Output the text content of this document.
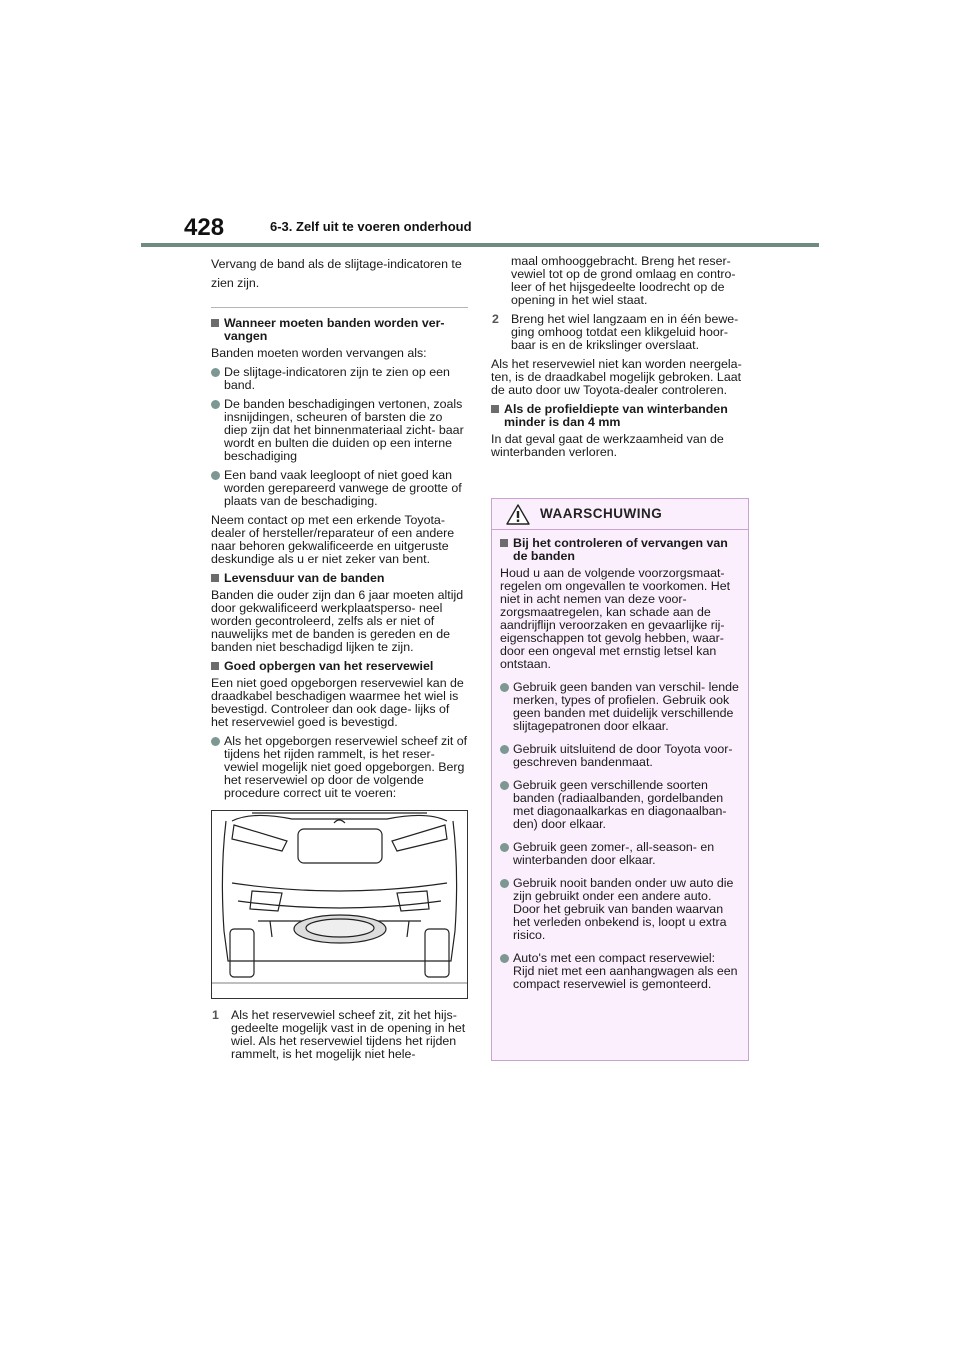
428	6-3. Zelf uit te voeren onderhoud

Vervang de band als de slijtage-indicatoren te zien zijn.

Wanneer moeten banden worden ver- vangen

Banden moeten worden vervangen als:

De slijtage-indicatoren zijn te zien op een band.
De banden beschadigingen vertonen, zoals insnijdingen, scheuren of barsten die zo diep zijn dat het binnenmateriaal zicht- baar wordt en bulten die duiden op een interne beschadiging
Een band vaak leegloopt of niet goed kan worden gerepareerd vanwege de grootte of plaats van de beschadiging.

Neem contact op met een erkende Toyota- dealer of hersteller/reparateur of een andere naar behoren gekwalificeerde en uitgeruste deskundige als u er niet zeker van bent.

Levensduur van de banden

Banden die ouder zijn dan 6 jaar moeten altijd door gekwalificeerd werkplaatsperso- neel worden gecontroleerd, zelfs als er niet of nauwelijks met de banden is gereden en de banden niet beschadigd lijken te zijn.

Goed opbergen van het reservewiel

Een niet goed opgeborgen reservewiel kan de draadkabel beschadigen waarmee het wiel is bevestigd. Controleer dan ook dage- lijks of het reservewiel goed is bevestigd.

Als het opgeborgen reservewiel scheef zit of tijdens het rijden rammelt, is het reser- vewiel mogelijk niet goed opgeborgen. Berg het reservewiel op door de volgende procedure correct uit te voeren:
1 Als het reservewiel scheef zit, zit het hijs- gedeelte mogelijk vast in de opening in het wiel. Als het reservewiel tijdens het rijden rammelt, is het mogelijk niet hele-
maal omhooggebracht. Breng het reser- vewiel tot op de grond omlaag en contro- leer of het hijsgedeelte loodrecht op de opening in het wiel staat.
2 Breng het wiel langzaam en in één bewe- ging omhoog totdat een klikgeluid hoor- baar is en de krikslinger overslaat.

Als het reservewiel niet kan worden neergela- ten, is de draadkabel mogelijk gebroken. Laat de auto door uw Toyota-dealer controleren.

Als de profieldiepte van winterbanden minder is dan 4 mm

In dat geval gaat de werkzaamheid van de winterbanden verloren.

WAARSCHUWING
Bij het controleren of vervangen van de banden

Houd u aan de volgende voorzorgsmaat- regelen om ongevallen te voorkomen. Het niet in acht nemen van deze voor- zorgsmaatregelen, kan schade aan de aandrijflijn veroorzaken en gevaarlijke rij- eigenschappen tot gevolg hebben, waar- door een ongeval met ernstig letsel kan ontstaan.

Gebruik geen banden van verschil- lende merken, types of profielen. Gebruik ook geen banden met duidelijk verschillende slijtagepatronen door elkaar.
Gebruik uitsluitend de door Toyota voor- geschreven bandenmaat.
Gebruik geen verschillende soorten banden (radiaalbanden, gordelbanden met diagonaalkarkas en diagonaalban- den) door elkaar.
Gebruik geen zomer-, all-season- en winterbanden door elkaar.
Gebruik nooit banden onder uw auto die zijn gebruikt onder een andere auto. Door het gebruik van banden waarvan het verleden onbekend is, loopt u extra risico.
Auto's met een compact reservewiel: Rijd niet met een aanhangwagen als een compact reservewiel is gemonteerd.
